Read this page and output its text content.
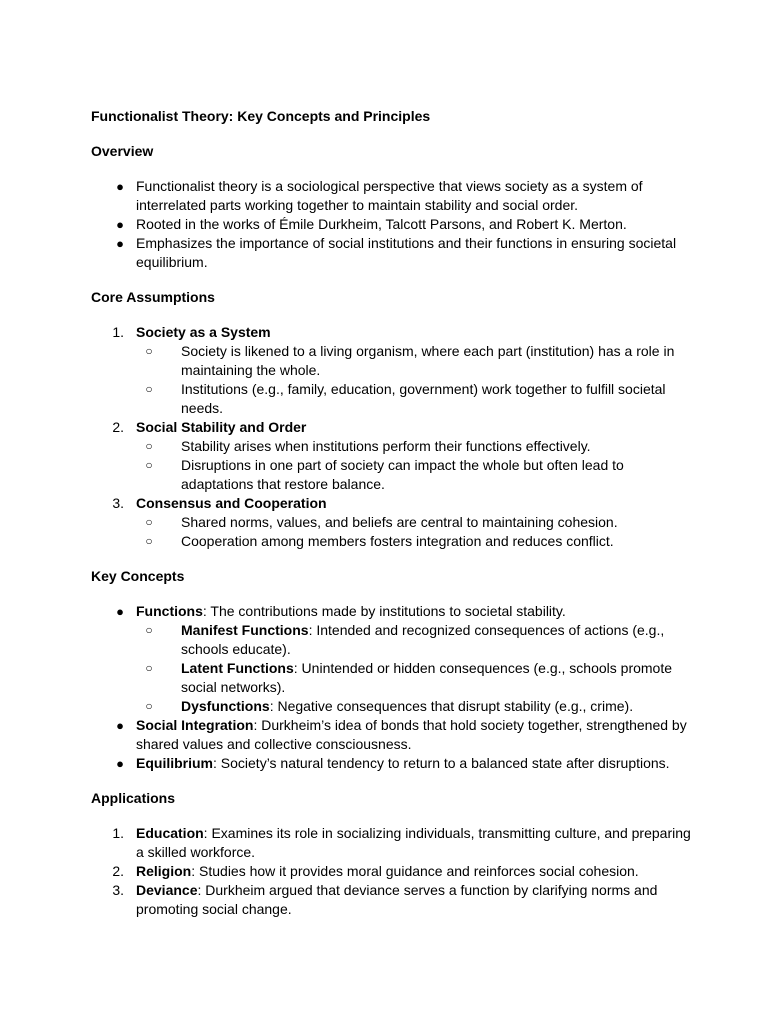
Functionalist Theory: Key Concepts and Principles

Overview

● Functionalist theory is a sociological perspective that views society as a system of interrelated parts working together to maintain stability and social order.
● Rooted in the works of Émile Durkheim, Talcott Parsons, and Robert K. Merton.
● Emphasizes the importance of social institutions and their functions in ensuring societal equilibrium.

Core Assumptions

1. Society as a System
○	Society is likened to a living organism, where each part (institution) has a role in maintaining the whole.
○	Institutions (e.g., family, education, government) work together to fulfill societal needs.
2. Social Stability and Order
○	Stability arises when institutions perform their functions effectively.
○	Disruptions in one part of society can impact the whole but often lead to adaptations that restore balance.
3. Consensus and Cooperation
○	Shared norms, values, and beliefs are central to maintaining cohesion.
○	Cooperation among members fosters integration and reduces conflict.

Key Concepts

● Functions: The contributions made by institutions to societal stability.
○	Manifest Functions: Intended and recognized consequences of actions (e.g., schools educate).
○	Latent Functions: Unintended or hidden consequences (e.g., schools promote social networks).
○	Dysfunctions: Negative consequences that disrupt stability (e.g., crime).
● Social Integration: Durkheim’s idea of bonds that hold society together, strengthened by shared values and collective consciousness.
● Equilibrium: Society’s natural tendency to return to a balanced state after disruptions.

Applications

1. Education: Examines its role in socializing individuals, transmitting culture, and preparing a skilled workforce.
2. Religion: Studies how it provides moral guidance and reinforces social cohesion.
3. Deviance: Durkheim argued that deviance serves a function by clarifying norms and promoting social change.
